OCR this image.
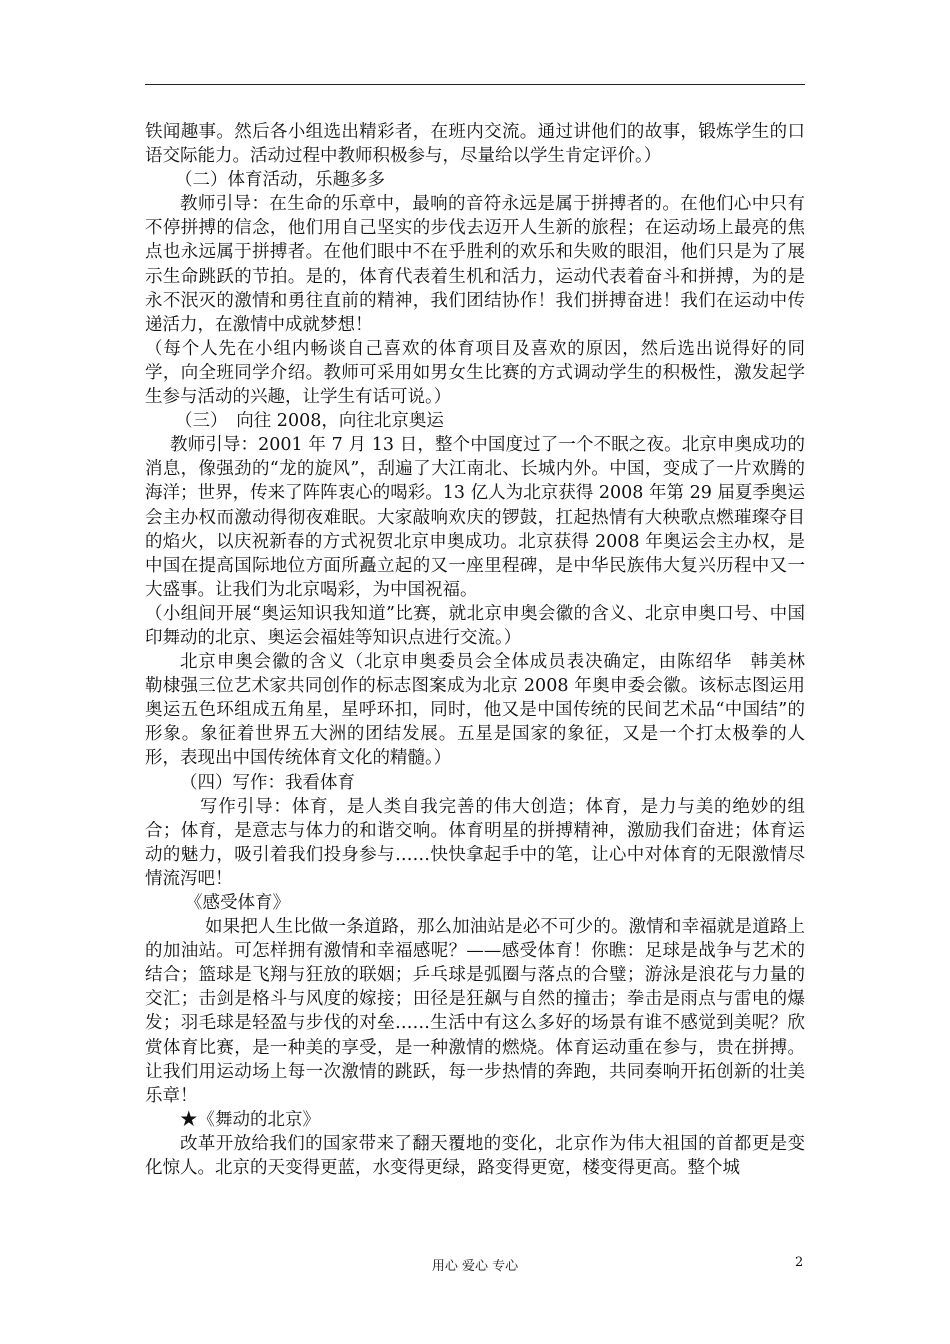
铁闻趣事。然后各小组选出精彩者，在班内交流。通过讲他们的故事，锻炼学生的口语交际能力。活动过程中教师积极参与，尽量给以学生肯定评价。）

（二）体育活动，乐趣多多

教师引导：在生命的乐章中，最响的音符永远是属于拼搏者的。在他们心中只有不停拼搏的信念，他们用自己坚实的步伐去迈开人生新的旅程；在运动场上最亮的焦点也永远属于拼搏者。在他们眼中不在乎胜利的欢乐和失败的眼泪，他们只是为了展示生命跳跃的节拍。是的，体育代表着生机和活力，运动代表着奋斗和拼搏，为的是永不泯灭的激情和勇往直前的精神，我们团结协作！我们拼搏奋进！我们在运动中传递活力，在激情中成就梦想！

（每个人先在小组内畅谈自己喜欢的体育项目及喜欢的原因，然后选出说得好的同学，向全班同学介绍。教师可采用如男女生比赛的方式调动学生的积极性，激发起学生参与活动的兴趣，让学生有话可说。）

（三）　向往 2008，向往北京奥运

教师引导：2001 年 7 月 13 日，整个中国度过了一个不眠之夜。北京申奥成功的消息，像强劲的“龙的旋风”，刮遍了大江南北、长城内外。中国，变成了一片欢腾的海洋；世界，传来了阵阵衷心的喝彩。13 亿人为北京获得 2008 年第 29 届夏季奥运会主办权而激动得彻夜难眠。大家敲响欢庆的锣鼓，扛起热情有大秧歌点燃璀璨夺目的焰火，以庆祝新春的方式祝贺北京申奥成功。北京获得 2008 年奥运会主办权，是中国在提高国际地位方面所矗立起的又一座里程碑，是中华民族伟大复兴历程中又一大盛事。让我们为北京喝彩，为中国祝福。

（小组间开展“奥运知识我知道”比赛，就北京申奥会徽的含义、北京申奥口号、中国印舞动的北京、奥运会福娃等知识点进行交流。）

北京申奥会徽的含义（北京申奥委员会全体成员表决确定，由陈绍华　韩美林　勒棣强三位艺术家共同创作的标志图案成为北京 2008 年奥申委会徽。该标志图运用奥运五色环组成五角星，星呼环扣，同时，他又是中国传统的民间艺术品“中国结”的形象。象征着世界五大洲的团结发展。五星是国家的象征，又是一个打太极拳的人形，表现出中国传统体育文化的精髓。）

（四）写作：我看体育

写作引导：体育，是人类自我完善的伟大创造；体育，是力与美的绝妙的组合；体育，是意志与体力的和谐交响。体育明星的拼搏精神，激励我们奋进；体育运动的魅力，吸引着我们投身参与……快快拿起手中的笔，让心中对体育的无限激情尽情流泻吧！

《感受体育》

如果把人生比做一条道路，那么加油站是必不可少的。激情和幸福就是道路上的加油站。可怎样拥有激情和幸福感呢？——感受体育！你瞧：足球是战争与艺术的结合；篮球是飞翔与狂放的联姻；乒乓球是弧圈与落点的合璧；游泳是浪花与力量的交汇；击剑是格斗与风度的嫁接；田径是狂飙与自然的撞击；拳击是雨点与雷电的爆发；羽毛球是轻盈与步伐的对垒……生活中有这么多好的场景有谁不感觉到美呢？欣赏体育比赛，是一种美的享受，是一种激情的燃烧。体育运动重在参与，贵在拼搏。让我们用运动场上每一次激情的跳跃，每一步热情的奔跑，共同奏响开拓创新的壮美乐章！

★《舞动的北京》

改革开放给我们的国家带来了翻天覆地的变化，北京作为伟大祖国的首都更是变化惊人。北京的天变得更蓝，水变得更绿，路变得更宽，楼变得更高。整个城

用心 爱心 专心	2
